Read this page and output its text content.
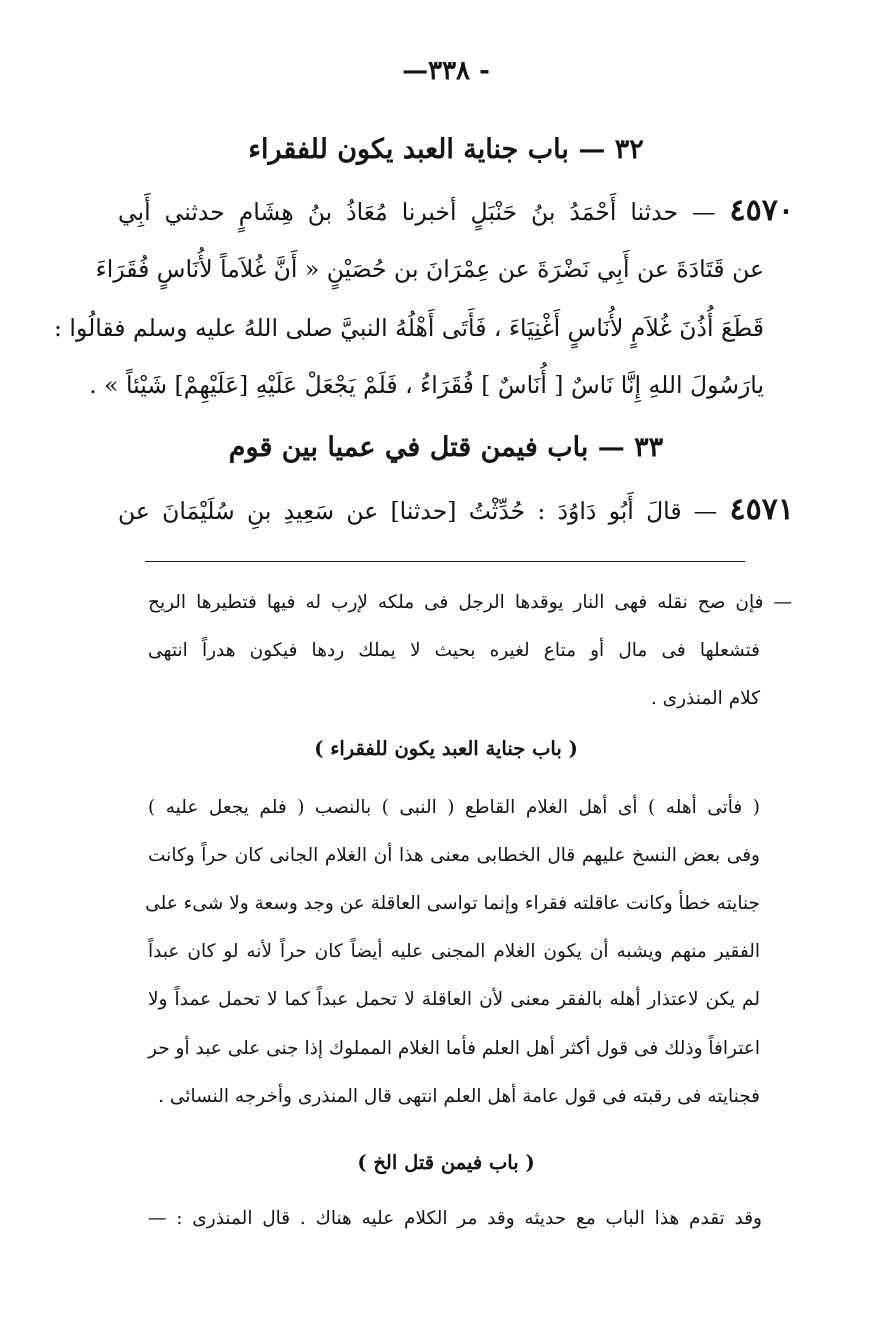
—٣٣٨ -
٣٢ — باب جناية العبد يكون للفقراء
٤٥٧٠ — حدثنا أَحْمَدُ بنُ حَنْبَلٍ أخبرنا مُعَاذُ بنُ هِشَامٍ حدثني أَبِي
عن قَتَادَةَ عن أَبِي نَضْرَةَ عن عِمْرَانَ بن حُصَيْنٍ « أَنَّ غُلاَماً لأُنَاسٍ فُقَرَاءَ
قَطَعَ أُذُنَ غُلاَمٍ لأُنَاسٍ أَغْنِيَاءَ ، فَأَتَى أَهْلُهُ النبيَّ صلى اللهُ عليه وسلم فقالُوا :
يارَسُولَ اللهِ إِنَّا نَاسٌ [ أُنَاسٌ ] فُقَرَاءُ ، فَلَمْ يَجْعَلْ عَلَيْهِ [عَلَيْهِمْ] شَيْئاً » .
٣٣ — باب فيمن قتل في عميا بين قوم
٤٥٧١ — قالَ أَبُو دَاوُدَ : حُدِّثْتُ [حدثنا] عن سَعِيدِ بنِ سُلَيْمَانَ عن
— فإن صح نقله فهى النار يوقدها الرجل فى ملكه لإرب له فيها فتطيرها الريح
فتشعلها فى مال أو متاع لغيره بحيث لا يملك ردها فيكون هدراً انتهى
كلام المنذرى .
( باب جناية العبد يكون للفقراء )
( فأتى أهله ) أى أهل الغلام القاطع ( النبى ) بالنصب ( فلم يجعل عليه )
وفى بعض النسخ عليهم قال الخطابى معنى هذا أن الغلام الجانى كان حراً وكانت
جنايته خطأ وكانت عاقلته فقراء وإنما تواسى العاقلة عن وجد وسعة ولا شىء على
الفقير منهم ويشبه أن يكون الغلام المجنى عليه أيضاً كان حراً لأنه لو كان عبداً
لم يكن لاعتذار أهله بالفقر معنى لأن العاقلة لا تحمل عبداً كما لا تحمل عمداً ولا
اعترافاً وذلك فى قول أكثر أهل العلم فأما الغلام المملوك إذا جنى على عبد أو حر
فجنايته فى رقبته فى قول عامة أهل العلم انتهى قال المنذرى وأخرجه النسائى .
( باب فيمن قتل الخ )
وقد تقدم هذا الباب مع حديثه وقد مر الكلام عليه هناك . قال المنذرى : —
